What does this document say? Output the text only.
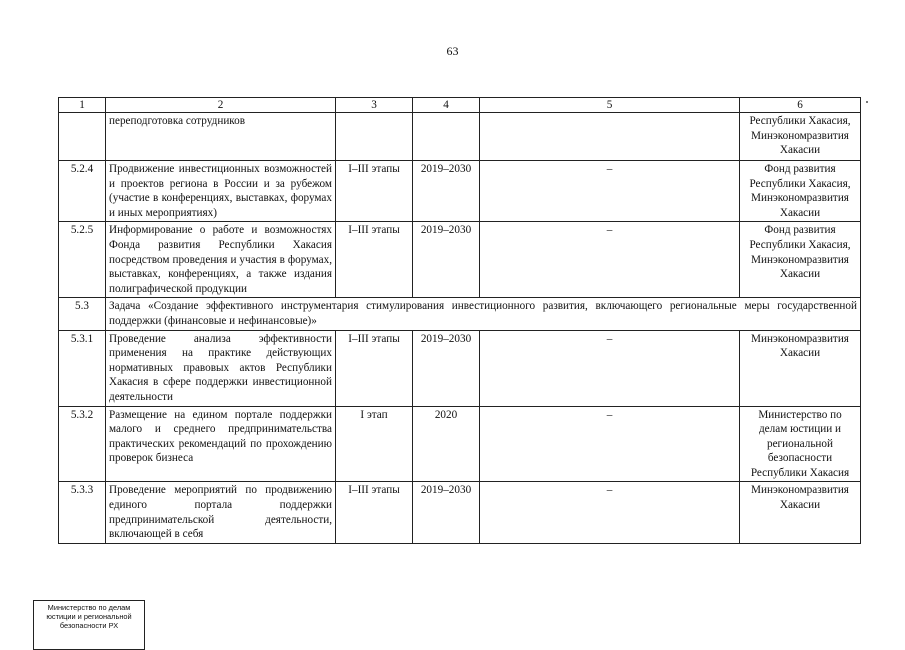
63
1	2	3	4	5	6
	переподготовка сотрудников				Республики Хакасия, Минэкономразвития Хакасии
5.2.4	Продвижение инвестиционных возможностей и проектов региона в России и за рубежом (участие в конференциях, выставках, форумах и иных мероприятиях)	I–III этапы	2019–2030	–	Фонд развития Республики Хакасия, Минэкономразвития Хакасии
5.2.5	Информирование о работе и возможностях Фонда развития Республики Хакасия посредством проведения и участия в форумах, выставках, конференциях, а также издания полиграфической продукции	I–III этапы	2019–2030	–	Фонд развития Республики Хакасия, Минэкономразвития Хакасии
5.3	Задача «Создание эффективного инструментария стимулирования инвестиционного развития, включающего региональные меры государственной поддержки (финансовые и нефинансовые)»				
5.3.1	Проведение анализа эффективности применения на практике действующих нормативных правовых актов Республики Хакасия в сфере поддержки инвестиционной деятельности	I–III этапы	2019–2030	–	Минэкономразвития Хакасии
5.3.2	Размещение на едином портале поддержки малого и среднего предпринимательства практических рекомендаций по прохождению проверок бизнеса	I этап	2020	–	Министерство по делам юстиции и региональной безопасности Республики Хакасия
5.3.3	Проведение мероприятий по продвижению единого портала поддержки предпринимательской деятельности, включающей в себя	I–III этапы	2019–2030	–	Минэкономразвития Хакасии
Министерство по делам
юстиции и региональной
безопасности РХ
